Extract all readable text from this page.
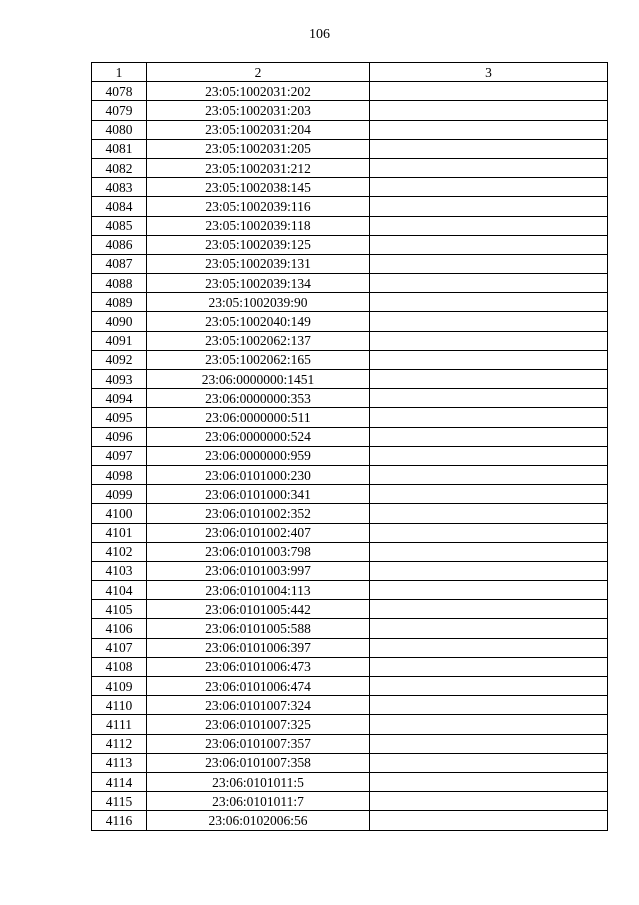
106
1	2	3
4078	23:05:1002031:202	
4079	23:05:1002031:203	
4080	23:05:1002031:204	
4081	23:05:1002031:205	
4082	23:05:1002031:212	
4083	23:05:1002038:145	
4084	23:05:1002039:116	
4085	23:05:1002039:118	
4086	23:05:1002039:125	
4087	23:05:1002039:131	
4088	23:05:1002039:134	
4089	23:05:1002039:90	
4090	23:05:1002040:149	
4091	23:05:1002062:137	
4092	23:05:1002062:165	
4093	23:06:0000000:1451	
4094	23:06:0000000:353	
4095	23:06:0000000:511	
4096	23:06:0000000:524	
4097	23:06:0000000:959	
4098	23:06:0101000:230	
4099	23:06:0101000:341	
4100	23:06:0101002:352	
4101	23:06:0101002:407	
4102	23:06:0101003:798	
4103	23:06:0101003:997	
4104	23:06:0101004:113	
4105	23:06:0101005:442	
4106	23:06:0101005:588	
4107	23:06:0101006:397	
4108	23:06:0101006:473	
4109	23:06:0101006:474	
4110	23:06:0101007:324	
4111	23:06:0101007:325	
4112	23:06:0101007:357	
4113	23:06:0101007:358	
4114	23:06:0101011:5	
4115	23:06:0101011:7	
4116	23:06:0102006:56	
